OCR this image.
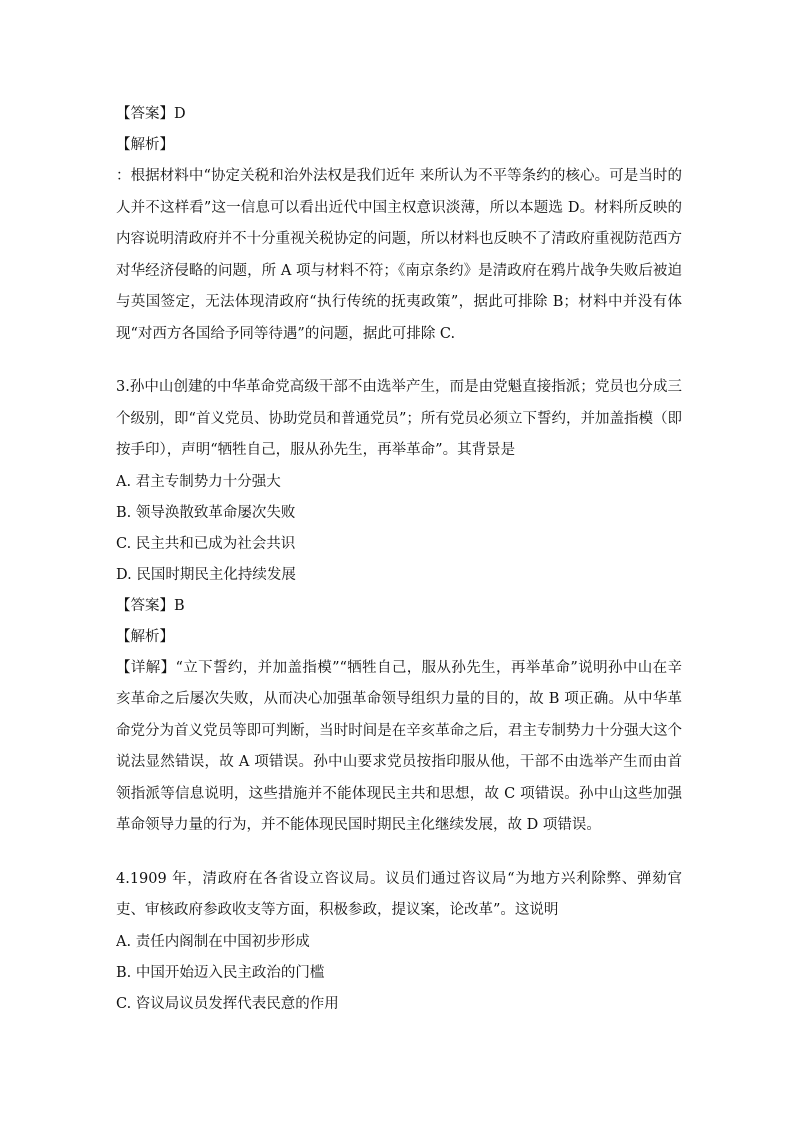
【答案】D
【解析】
：根据材料中“协定关税和治外法权是我们近年 来所认为不平等条约的核心。可是当时的人并不这样看”这一信息可以看出近代中国主权意识淡薄，所以本题选 D。材料所反映的内容说明清政府并不十分重视关税协定的问题，所以材料也反映不了清政府重视防范西方对华经济侵略的问题，所 A 项与材料不符；《南京条约》是清政府在鸦片战争失败后被迫与英国签定，无法体现清政府“执行传统的抚夷政策”，据此可排除 B；材料中并没有体现“对西方各国给予同等待遇”的问题，据此可排除 C.
3.孙中山创建的中华革命党高级干部不由选举产生，而是由党魁直接指派；党员也分成三个级别，即“首义党员、协助党员和普通党员”；所有党员必须立下誓约，并加盖指模（即按手印），声明“牺牲自己，服从孙先生，再举革命”。其背景是
A. 君主专制势力十分强大
B. 领导涣散致革命屡次失败
C. 民主共和已成为社会共识
D. 民国时期民主化持续发展
【答案】B
【解析】
【详解】“立下誓约，并加盖指模”“牺牲自己，服从孙先生，再举革命”说明孙中山在辛亥革命之后屡次失败，从而决心加强革命领导组织力量的目的，故 B 项正确。从中华革命党分为首义党员等即可判断，当时时间是在辛亥革命之后，君主专制势力十分强大这个说法显然错误，故 A 项错误。孙中山要求党员按指印服从他，干部不由选举产生而由首领指派等信息说明，这些措施并不能体现民主共和思想，故 C 项错误。孙中山这些加强革命领导力量的行为，并不能体现民国时期民主化继续发展，故 D 项错误。
4.1909 年，清政府在各省设立咨议局。议员们通过咨议局“为地方兴利除弊、弹劾官吏、审核政府参政收支等方面，积极参政，提议案，论改革”。这说明
A. 责任内阁制在中国初步形成
B. 中国开始迈入民主政治的门槛
C. 咨议局议员发挥代表民意的作用
